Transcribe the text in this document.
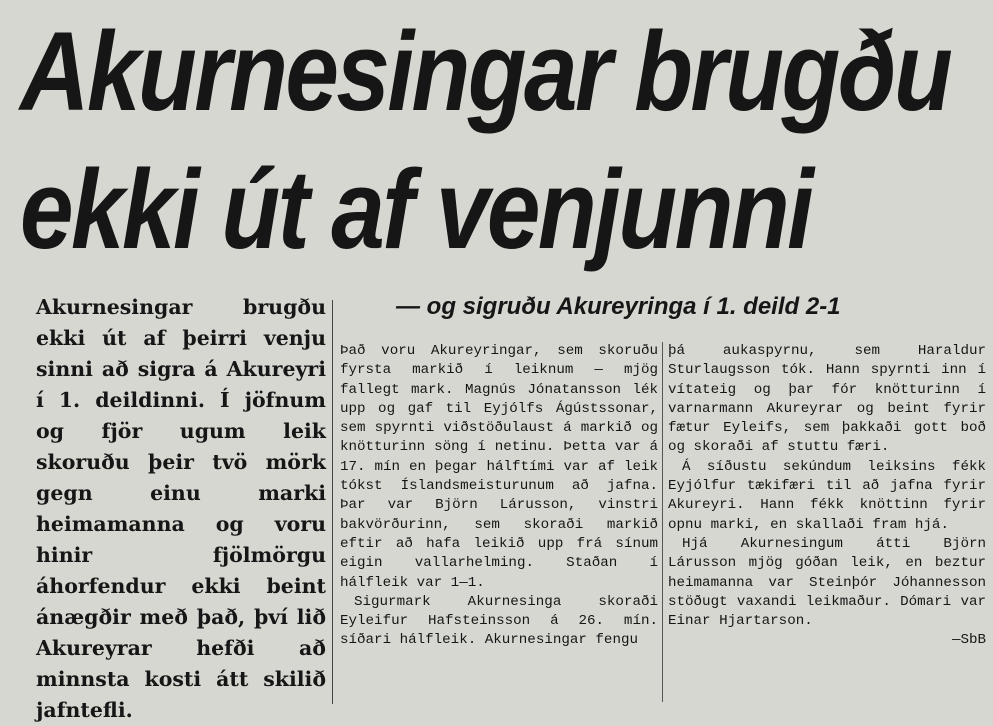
Akurnesingar brugðu
ekki út af venjunni

Akurnesingar brugðu ekki út af þeirri venju sinni að sigra á Akureyri í 1. deildinni. Í jöfnum og fjör ugum leik skoruðu þeir tvö mörk gegn einu marki heimamanna og voru hinir fjölmörgu áhorfendur ekki beint ánægðir með það, því lið Akureyrar hefði að minnsta kosti átt skilið jafntefli.

— og sigruðu Akureyringa í 1. deild 2-1

Það voru Akureyringar, sem skoruðu fyrsta markið í leiknum — mjög fallegt mark. Magnús Jónatansson lék upp og gaf til Eyjólfs Ágústssonar, sem spyrnti viðstöðulaust á markið og knötturinn söng í netinu. Þetta var á 17. mín en þegar hálftími var af leik tókst Íslandsmeisturunum að jafna. Þar var Björn Lárusson, vinstri bakvörðurinn, sem skoraði markið eftir að hafa leikið upp frá sínum eigin vallarhelming. Staðan í hálfleik var 1—1.

Sigurmark Akurnesinga skoraði Eyleifur Hafsteinsson á 26. mín. síðari hálfleik. Akurnesingar fengu

þá aukaspyrnu, sem Haraldur Sturlaugsson tók. Hann spyrnti inn í vítateig og þar fór knötturinn í varnarmann Akureyrar og beint fyrir fætur Eyleifs, sem þakkaði gott boð og skoraði af stuttu færi.

Á síðustu sekúndum leiksins fékk Eyjólfur tækifæri til að jafna fyrir Akureyri. Hann fékk knöttinn fyrir opnu marki, en skallaði fram hjá.

Hjá Akurnesingum átti Björn Lárusson mjög góðan leik, en beztur heimamanna var Steinþór Jóhannesson stöðugt vaxandi leikmaður. Dómari var Einar Hjartarson.

—SbB
